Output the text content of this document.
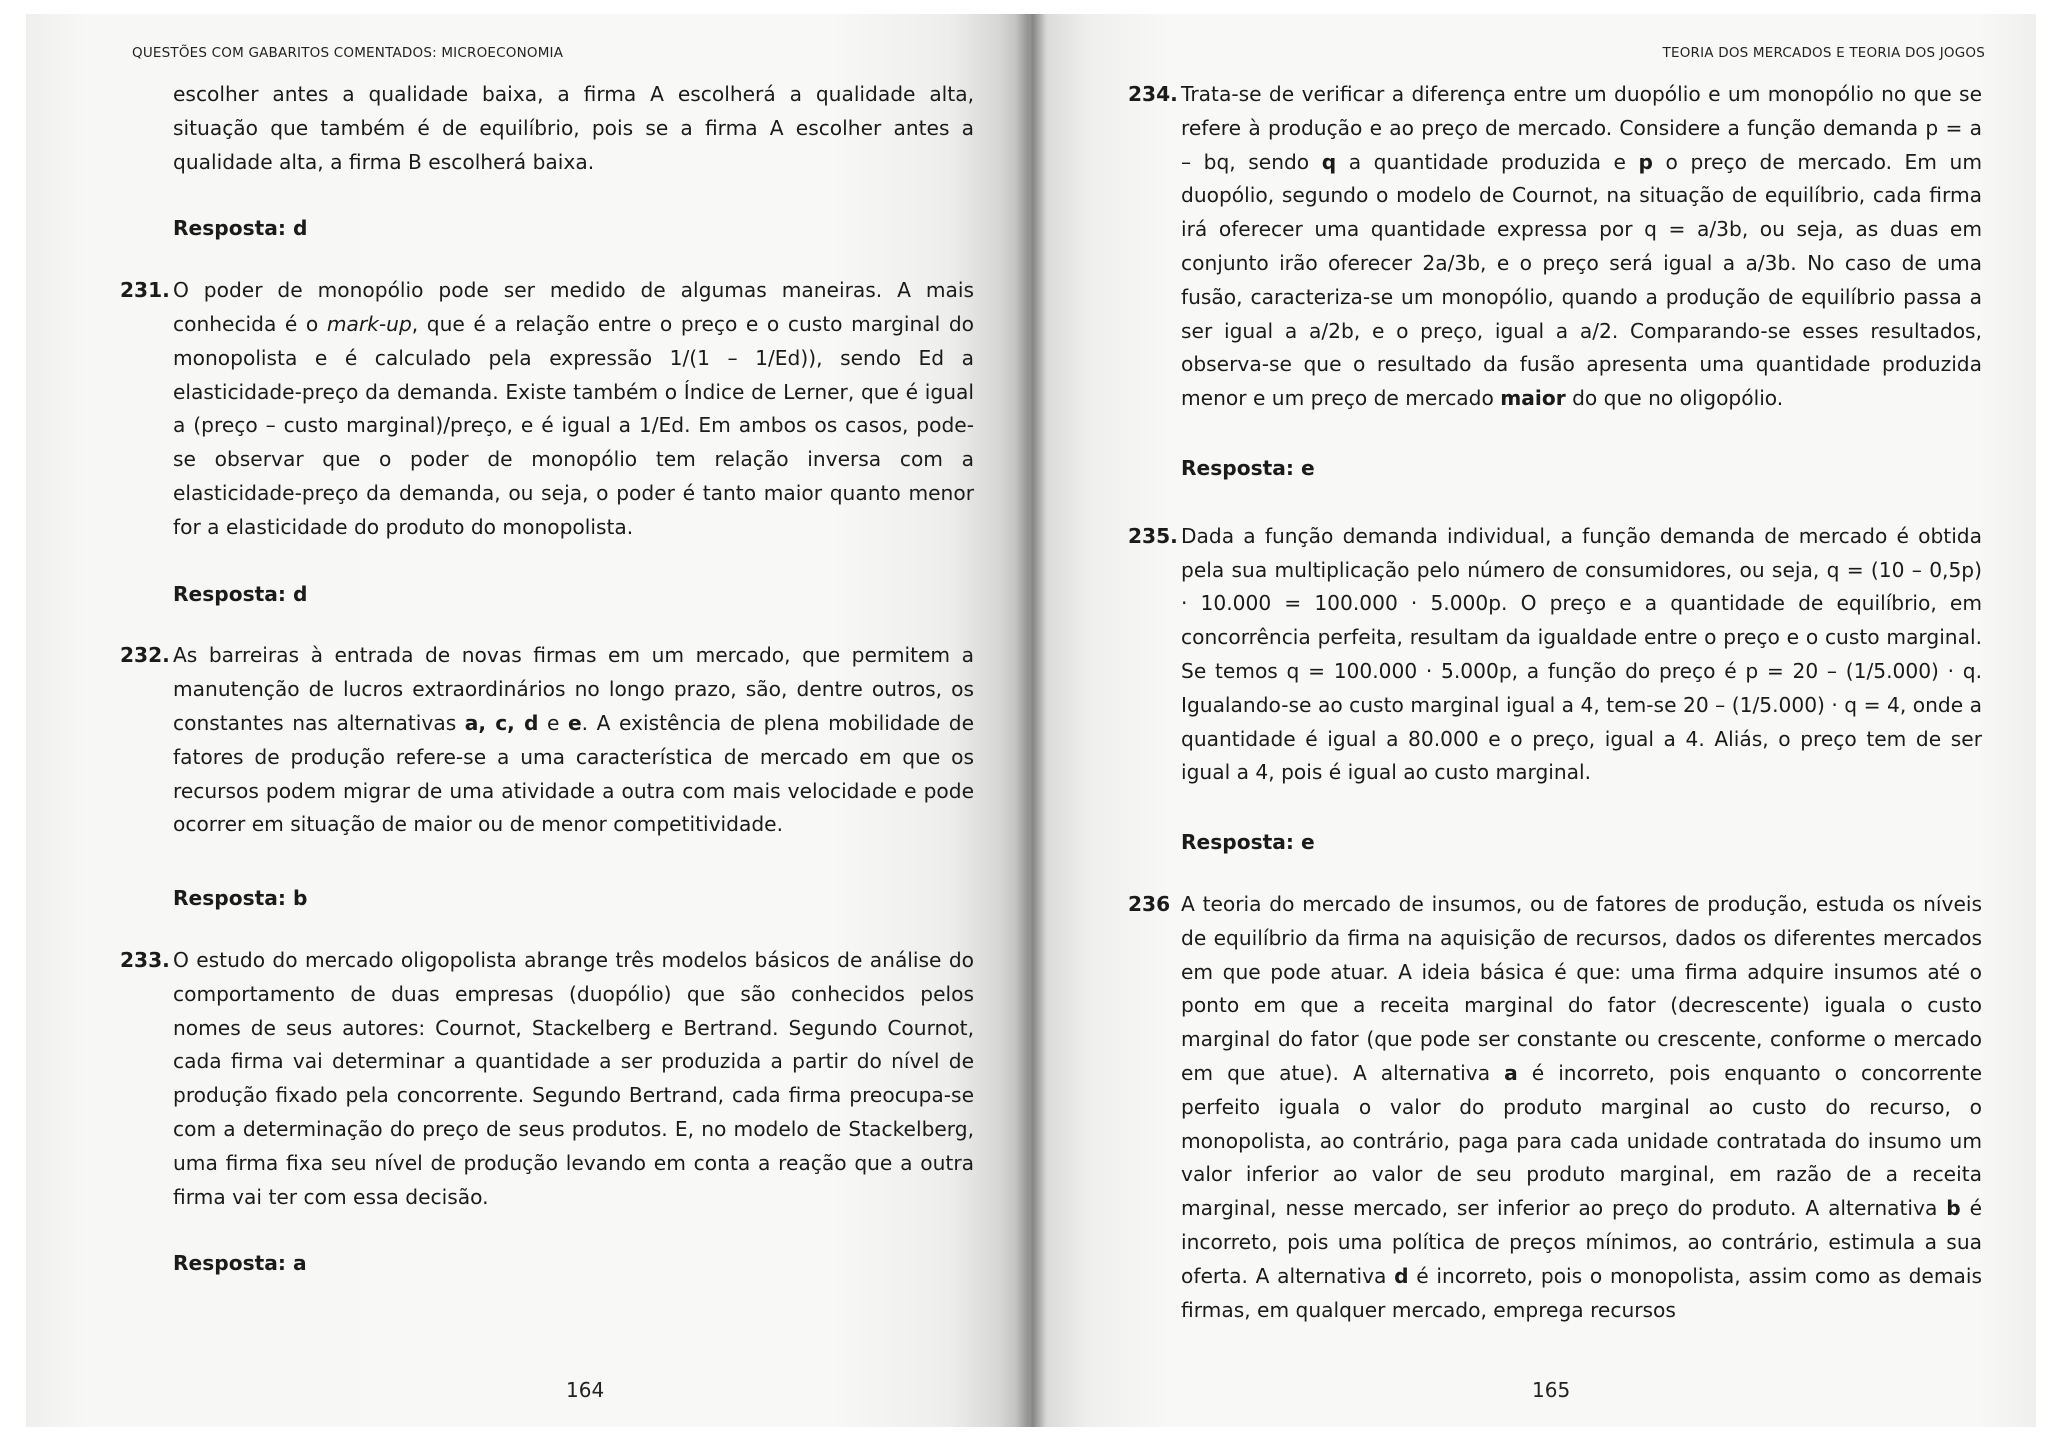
QUESTÕES COM GABARITOS COMENTADOS: MICROECONOMIA

escolher antes a qualidade baixa, a firma A escolherá a qualidade alta, situação que também é de equilíbrio, pois se a firma A escolher antes a qualidade alta, a firma B escolherá baixa.

Resposta: d

231. O poder de monopólio pode ser medido de algumas maneiras. A mais conhecida é o mark-up, que é a relação entre o preço e o custo marginal do monopolista e é calculado pela expressão 1/(1 – 1/Ed)), sendo Ed a elasticidade-preço da demanda. Existe também o Índice de Lerner, que é igual a (preço – custo marginal)/preço, e é igual a 1/Ed. Em ambos os casos, pode-se observar que o poder de monopólio tem relação inversa com a elasticidade-preço da demanda, ou seja, o poder é tanto maior quanto menor for a elasticidade do produto do monopolista.

Resposta: d

232. As barreiras à entrada de novas firmas em um mercado, que permitem a manutenção de lucros extraordinários no longo prazo, são, dentre outros, os constantes nas alternativas a, c, d e e. A existência de plena mobilidade de fatores de produção refere-se a uma característica de mercado em que os recursos podem migrar de uma atividade a outra com mais velocidade e pode ocorrer em situação de maior ou de menor competitividade.

Resposta: b

233. O estudo do mercado oligopolista abrange três modelos básicos de análise do comportamento de duas empresas (duopólio) que são conhecidos pelos nomes de seus autores: Cournot, Stackelberg e Bertrand. Segundo Cournot, cada firma vai determinar a quantidade a ser produzida a partir do nível de produção fixado pela concorrente. Segundo Bertrand, cada firma preocupa-se com a determinação do preço de seus produtos. E, no modelo de Stackelberg, uma firma fixa seu nível de produção levando em conta a reação que a outra firma vai ter com essa decisão.

Resposta: a

164
TEORIA DOS MERCADOS E TEORIA DOS JOGOS
234. Trata-se de verificar a diferença entre um duopólio e um monopólio no que se refere à produção e ao preço de mercado. Considere a função demanda p = a – bq, sendo q a quantidade produzida e p o preço de mercado. Em um duopólio, segundo o modelo de Cournot, na situação de equilíbrio, cada firma irá oferecer uma quantidade expressa por q = a/3b, ou seja, as duas em conjunto irão oferecer 2a/3b, e o preço será igual a a/3b. No caso de uma fusão, caracteriza-se um monopólio, quando a produção de equilíbrio passa a ser igual a a/2b, e o preço, igual a a/2. Comparando-se esses resultados, observa-se que o resultado da fusão apresenta uma quantidade produzida menor e um preço de mercado maior do que no oligopólio.

Resposta: e

235. Dada a função demanda individual, a função demanda de mercado é obtida pela sua multiplicação pelo número de consumidores, ou seja, q = (10 – 0,5p) · 10.000 = 100.000 · 5.000p. O preço e a quantidade de equilíbrio, em concorrência perfeita, resultam da igualdade entre o preço e o custo marginal. Se temos q = 100.000 · 5.000p, a função do preço é p = 20 – (1/5.000) · q. Igualando-se ao custo marginal igual a 4, tem-se 20 – (1/5.000) · q = 4, onde a quantidade é igual a 80.000 e o preço, igual a 4. Aliás, o preço tem de ser igual a 4, pois é igual ao custo marginal.

Resposta: e

236 A teoria do mercado de insumos, ou de fatores de produção, estuda os níveis de equilíbrio da firma na aquisição de recursos, dados os diferentes mercados em que pode atuar. A ideia básica é que: uma firma adquire insumos até o ponto em que a receita marginal do fator (decrescente) iguala o custo marginal do fator (que pode ser constante ou crescente, conforme o mercado em que atue). A alternativa a é incorreto, pois enquanto o concorrente perfeito iguala o valor do produto marginal ao custo do recurso, o monopolista, ao contrário, paga para cada unidade contratada do insumo um valor inferior ao valor de seu produto marginal, em razão de a receita marginal, nesse mercado, ser inferior ao preço do produto. A alternativa b é incorreto, pois uma política de preços mínimos, ao contrário, estimula a sua oferta. A alternativa d é incorreto, pois o monopolista, assim como as demais firmas, em qualquer mercado, emprega recursos

165
